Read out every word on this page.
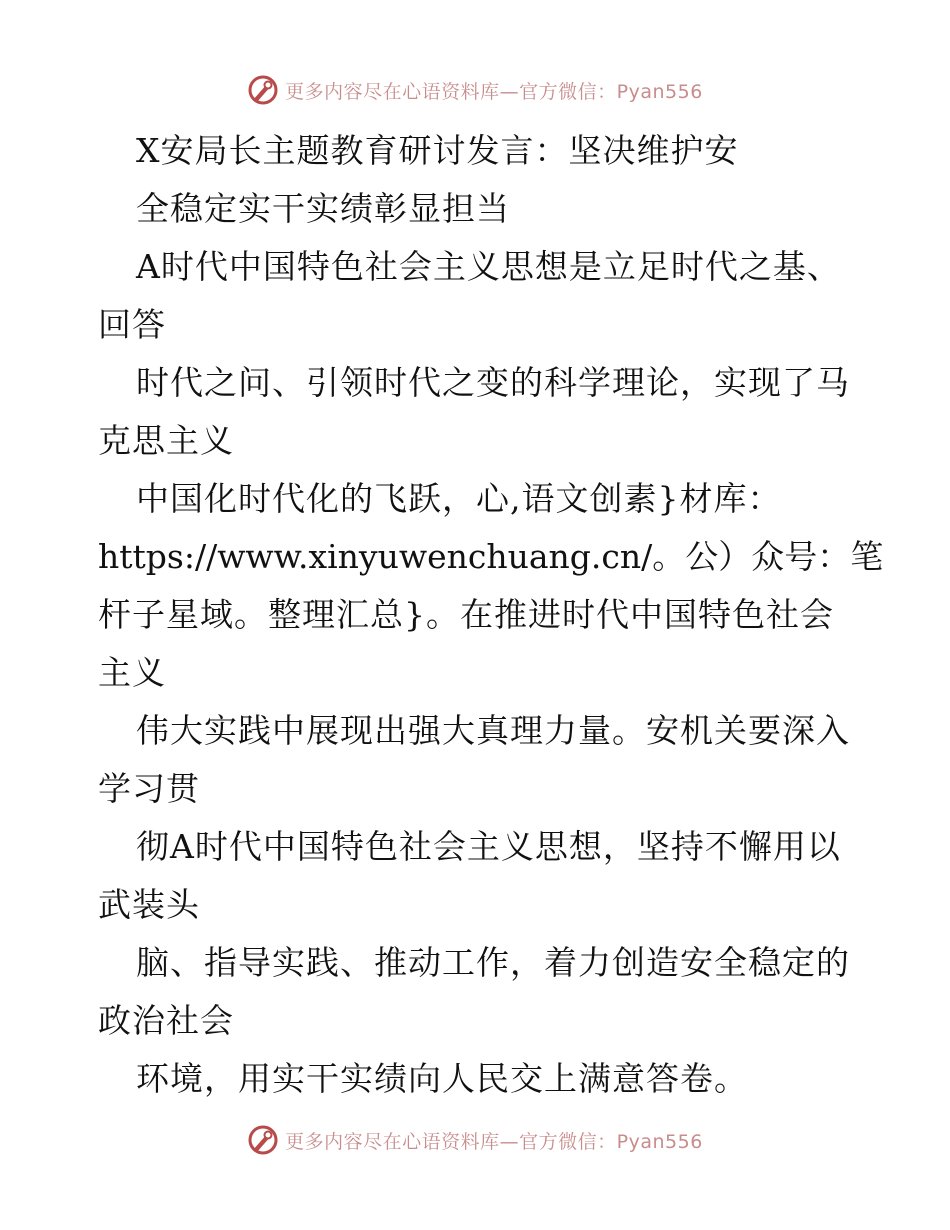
更多内容尽在心语资料库—官方微信：Pyan556
X安局长主题教育研讨发言：坚决维护安
全稳定实干实绩彰显担当
A时代中国特色社会主义思想是立足时代之基、
回答
时代之问、引领时代之变的科学理论，实现了马
克思主义
中国化时代化的飞跃，心,语文创素}材库：
https://www.xinyuwenchuang.cn/。公）众号：笔
杆子星域。整理汇总}。在推进时代中国特色社会
主义
伟大实践中展现出强大真理力量。安机关要深入
学习贯
彻A时代中国特色社会主义思想，坚持不懈用以
武装头
脑、指导实践、推动工作，着力创造安全稳定的
政治社会
环境，用实干实绩向人民交上满意答卷。
更多内容尽在心语资料库—官方微信：Pyan556
